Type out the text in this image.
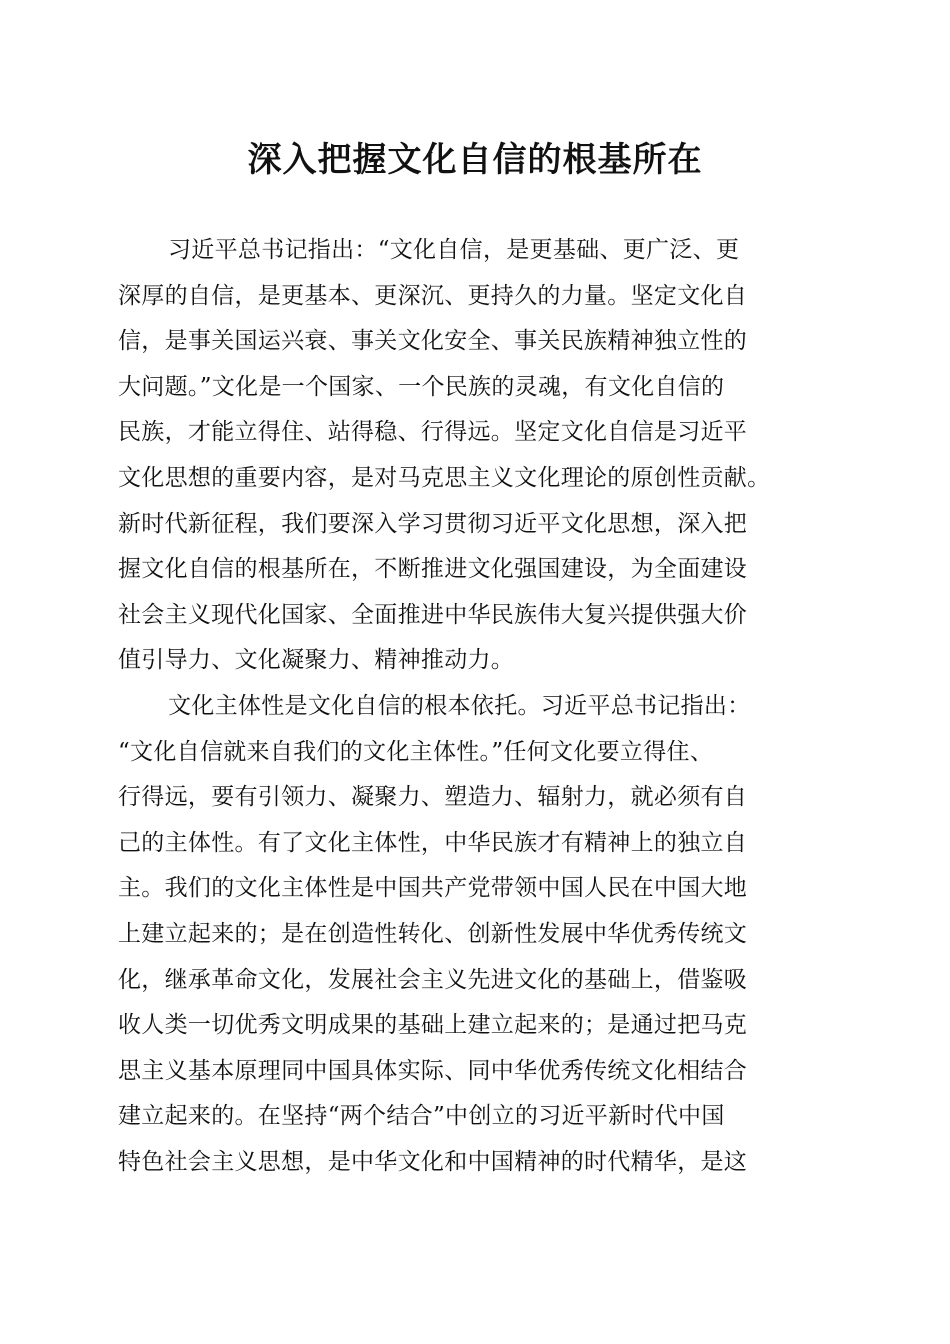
深入把握文化自信的根基所在
习近平总书记指出：“文化自信，是更基础、更广泛、更
深厚的自信，是更基本、更深沉、更持久的力量。坚定文化自
信，是事关国运兴衰、事关文化安全、事关民族精神独立性的
大问题。”文化是一个国家、一个民族的灵魂，有文化自信的
民族，才能立得住、站得稳、行得远。坚定文化自信是习近平
文化思想的重要内容，是对马克思主义文化理论的原创性贡献。
新时代新征程，我们要深入学习贯彻习近平文化思想，深入把
握文化自信的根基所在，不断推进文化强国建设，为全面建设
社会主义现代化国家、全面推进中华民族伟大复兴提供强大价
值引导力、文化凝聚力、精神推动力。
文化主体性是文化自信的根本依托。习近平总书记指出：
“文化自信就来自我们的文化主体性。”任何文化要立得住、
行得远，要有引领力、凝聚力、塑造力、辐射力，就必须有自
己的主体性。有了文化主体性，中华民族才有精神上的独立自
主。我们的文化主体性是中国共产党带领中国人民在中国大地
上建立起来的；是在创造性转化、创新性发展中华优秀传统文
化，继承革命文化，发展社会主义先进文化的基础上，借鉴吸
收人类一切优秀文明成果的基础上建立起来的；是通过把马克
思主义基本原理同中国具体实际、同中华优秀传统文化相结合
建立起来的。在坚持“两个结合”中创立的习近平新时代中国
特色社会主义思想，是中华文化和中国精神的时代精华，是这
